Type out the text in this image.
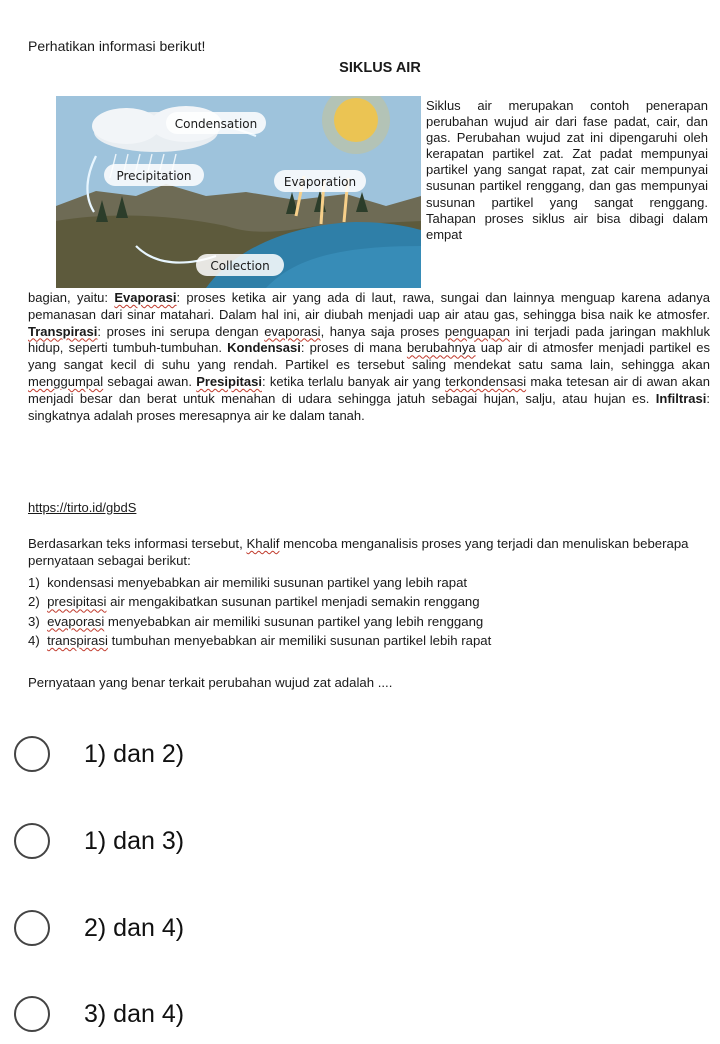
Perhatikan informasi berikut!
SIKLUS AIR
Condensation
Precipitation	Evaporation
Collection
Siklus air merupakan contoh penerapan perubahan wujud air dari fase padat, cair, dan gas. Perubahan wujud zat ini dipengaruhi oleh kerapatan partikel zat. Zat padat mempunyai partikel yang sangat rapat, zat cair mempunyai susunan partikel renggang, dan gas mempunyai susunan partikel yang sangat renggang. Tahapan proses siklus air bisa dibagi dalam empat
bagian, yaitu: Evaporasi: proses ketika air yang ada di laut, rawa, sungai dan lainnya menguap karena adanya pemanasan dari sinar matahari. Dalam hal ini, air diubah menjadi uap air atau gas, sehingga bisa naik ke atmosfer. Transpirasi: proses ini serupa dengan evaporasi, hanya saja proses penguapan ini terjadi pada jaringan makhluk hidup, seperti tumbuh-tumbuhan. Kondensasi: proses di mana berubahnya uap air di atmosfer menjadi partikel es yang sangat kecil di suhu yang rendah. Partikel es tersebut saling mendekat satu sama lain, sehingga akan menggumpal sebagai awan. Presipitasi: ketika terlalu banyak air yang terkondensasi maka tetesan air di awan akan menjadi besar dan berat untuk menahan di udara sehingga jatuh sebagai hujan, salju, atau hujan es. Infiltrasi: singkatnya adalah proses meresapnya air ke dalam tanah.
https://tirto.id/gbdS
Berdasarkan teks informasi tersebut, Khalif mencoba menganalisis proses yang terjadi dan menuliskan beberapa pernyataan sebagai berikut:
1) kondensasi menyebabkan air memiliki susunan partikel yang lebih rapat
2) presipitasi air mengakibatkan susunan partikel menjadi semakin renggang
3) evaporasi menyebabkan air memiliki susunan partikel yang lebih renggang
4) transpirasi tumbuhan menyebabkan air memiliki susunan partikel lebih rapat
Pernyataan yang benar terkait perubahan wujud zat adalah ....
1) dan 2)
1) dan 3)
2) dan 4)
3) dan 4)
